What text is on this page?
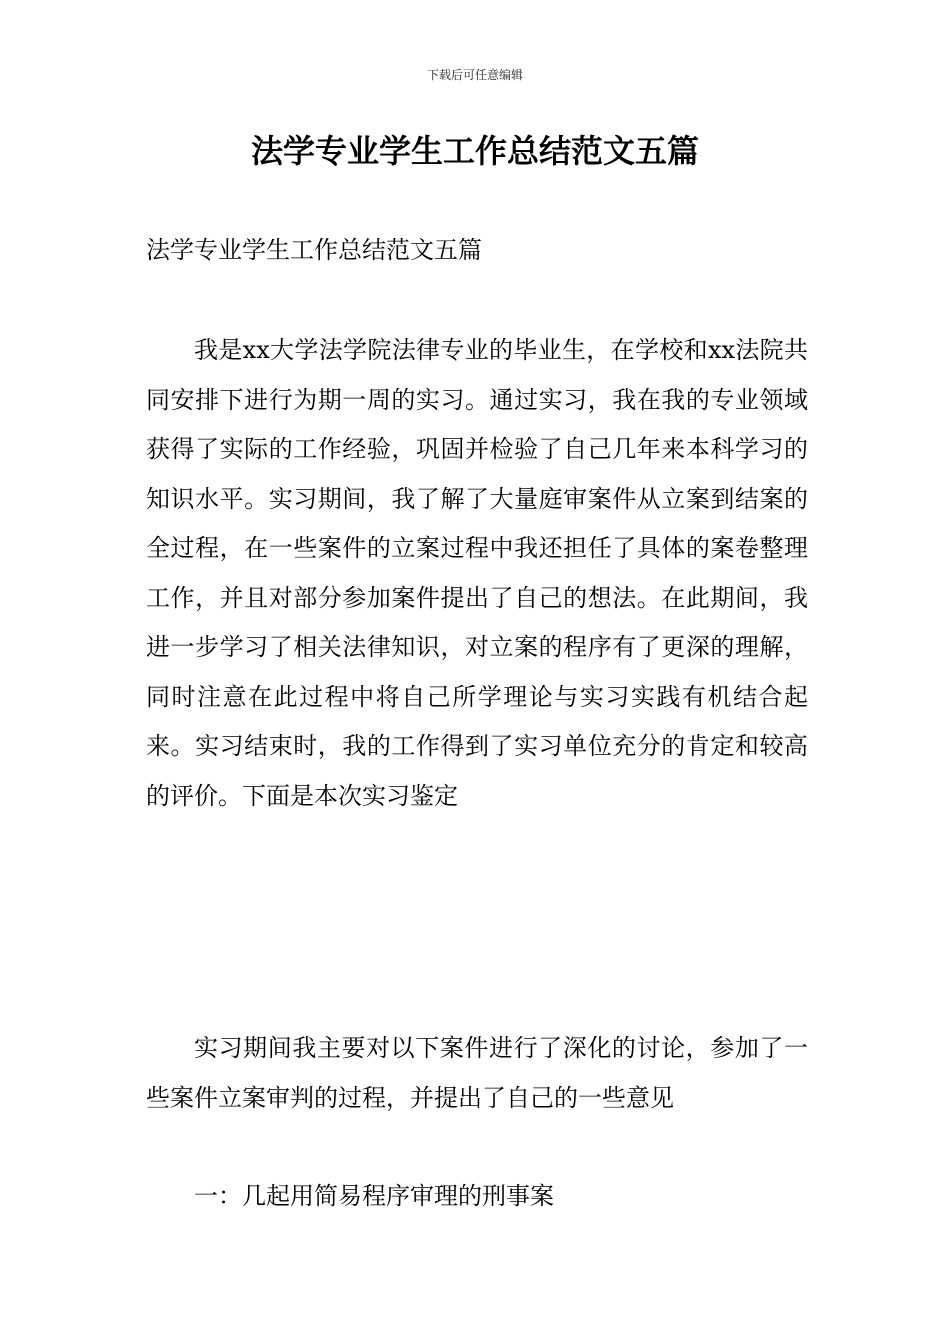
下载后可任意编辑
法学专业学生工作总结范文五篇

法学专业学生工作总结范文五篇

我是xx大学法学院法律专业的毕业生，在学校和xx法院共同安排下进行为期一周的实习。通过实习，我在我的专业领域获得了实际的工作经验，巩固并检验了自己几年来本科学习的知识水平。实习期间，我了解了大量庭审案件从立案到结案的全过程，在一些案件的立案过程中我还担任了具体的案卷整理工作，并且对部分参加案件提出了自己的想法。在此期间，我进一步学习了相关法律知识，对立案的程序有了更深的理解，同时注意在此过程中将自己所学理论与实习实践有机结合起来。实习结束时，我的工作得到了实习单位充分的肯定和较高的评价。下面是本次实习鉴定

实习期间我主要对以下案件进行了深化的讨论，参加了一些案件立案审判的过程，并提出了自己的一些意见

一：几起用简易程序审理的刑事案
